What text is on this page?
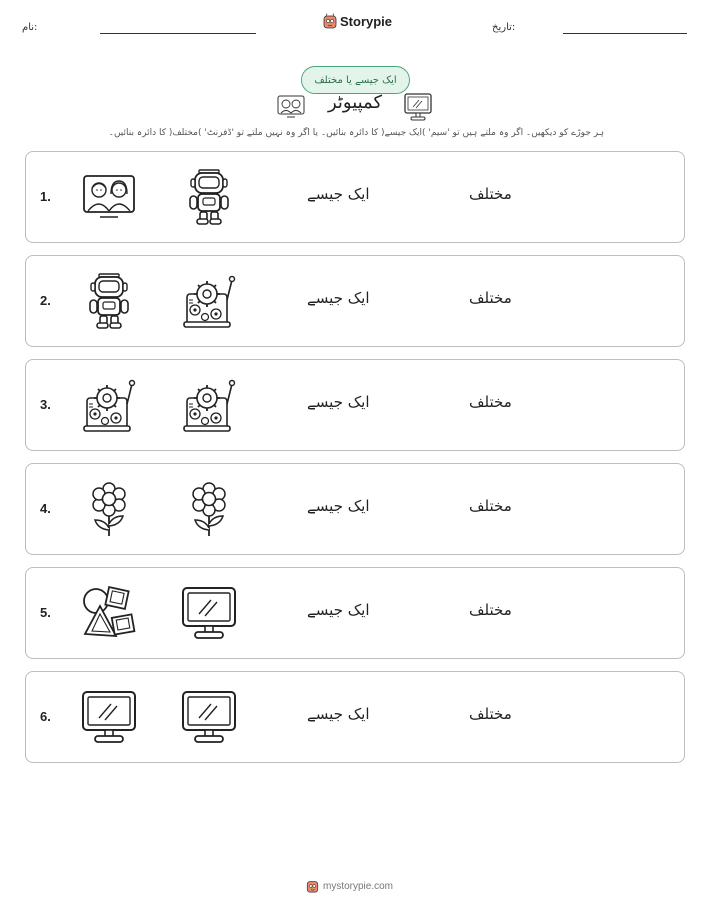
نام:	Storypie	تاریخ:
ایک جیسے یا مختلف
کمپیوٹر
ہر جوڑے کو دیکھیں۔ اگر وہ ملتے ہیں تو 'سیم' )ایک جیسے( کا دائرہ بنائیں۔ یا اگر وہ نہیں ملتے تو 'ڈفرنٹ' )مختلف( کا دائرہ بنائیں۔
1.	ایک جیسے	مختلف
2.	ایک جیسے	مختلف
3.	ایک جیسے	مختلف
4.	ایک جیسے	مختلف
5.	ایک جیسے	مختلف
6.	ایک جیسے	مختلف
mystorypie.com
